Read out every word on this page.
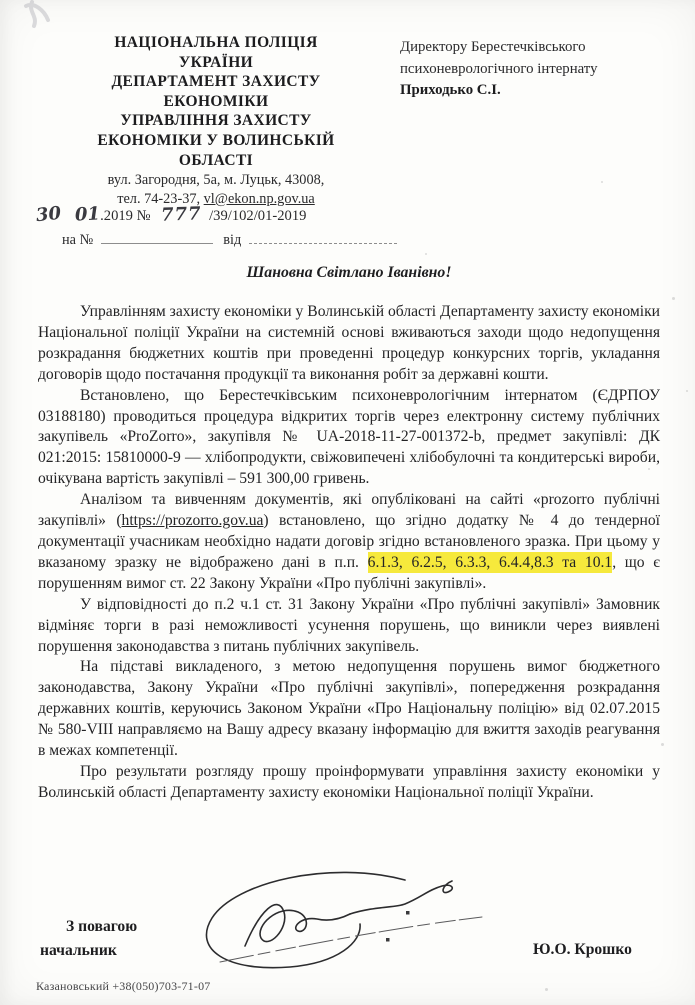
НАЦІОНАЛЬНА ПОЛІЦІЯ
УКРАЇНИ
ДЕПАРТАМЕНТ ЗАХИСТУ
ЕКОНОМІКИ
УПРАВЛІННЯ ЗАХИСТУ
ЕКОНОМІКИ У ВОЛИНСЬКІЙ
ОБЛАСТІ
вул. Загородня, 5а, м. Луцьк, 43008,
тел. 74-23-37, vl@ekon.np.gov.ua
30 01.2019 № 777 /39/102/01-2019
на №	від
Директору Берестечківського
психоневрологічного інтернату
Приходько С.І.
Шановна Світлано Іванівно!

Управлінням захисту економіки у Волинській області Департаменту захисту економіки Національної поліції України на системній основі вживаються заходи щодо недопущення розкрадання бюджетних коштів при проведенні процедур конкурсних торгів, укладання договорів щодо постачання продукції та виконання робіт за державні кошти.

Встановлено, що Берестечківським психоневрологічним інтернатом (ЄДРПОУ 03188180) проводиться процедура відкритих торгів через електронну систему публічних закупівель «ProZorro», закупівля № UA-2018-11-27-001372-b, предмет закупівлі: ДК 021:2015: 15810000-9 — хлібопродукти, свіжовипечені хлібобулочні та кондитерські вироби, очікувана вартість закупівлі – 591 300,00 гривень.

Аналізом та вивченням документів, які опубліковані на сайті «prozorro публічні закупівлі» (https://prozorro.gov.ua) встановлено, що згідно додатку № 4 до тендерної документації учасникам необхідно надати договір згідно встановленого зразка. При цьому у вказаному зразку не відображено дані в п.п. 6.1.3, 6.2.5, 6.3.3, 6.4.4,8.3 та 10.1, що є порушенням вимог ст. 22 Закону України «Про публічні закупівлі».

У відповідності до п.2 ч.1 ст. 31 Закону України «Про публічні закупівлі» Замовник відміняє торги в разі неможливості усунення порушень, що виникли через виявлені порушення законодавства з питань публічних закупівель.

На підставі викладеного, з метою недопущення порушень вимог бюджетного законодавства, Закону України «Про публічні закупівлі», попередження розкрадання державних коштів, керуючись Законом України «Про Національну поліцію» від 02.07.2015 № 580-VIII направляємо на Вашу адресу вказану інформацію для вжиття заходів реагування в межах компетенції.

Про результати розгляду прошу проінформувати управління захисту економіки у Волинській області Департаменту захисту економіки Національної поліції України.

З повагою
начальник	Ю.О. Крошко
Казановський +38(050)703-71-07
